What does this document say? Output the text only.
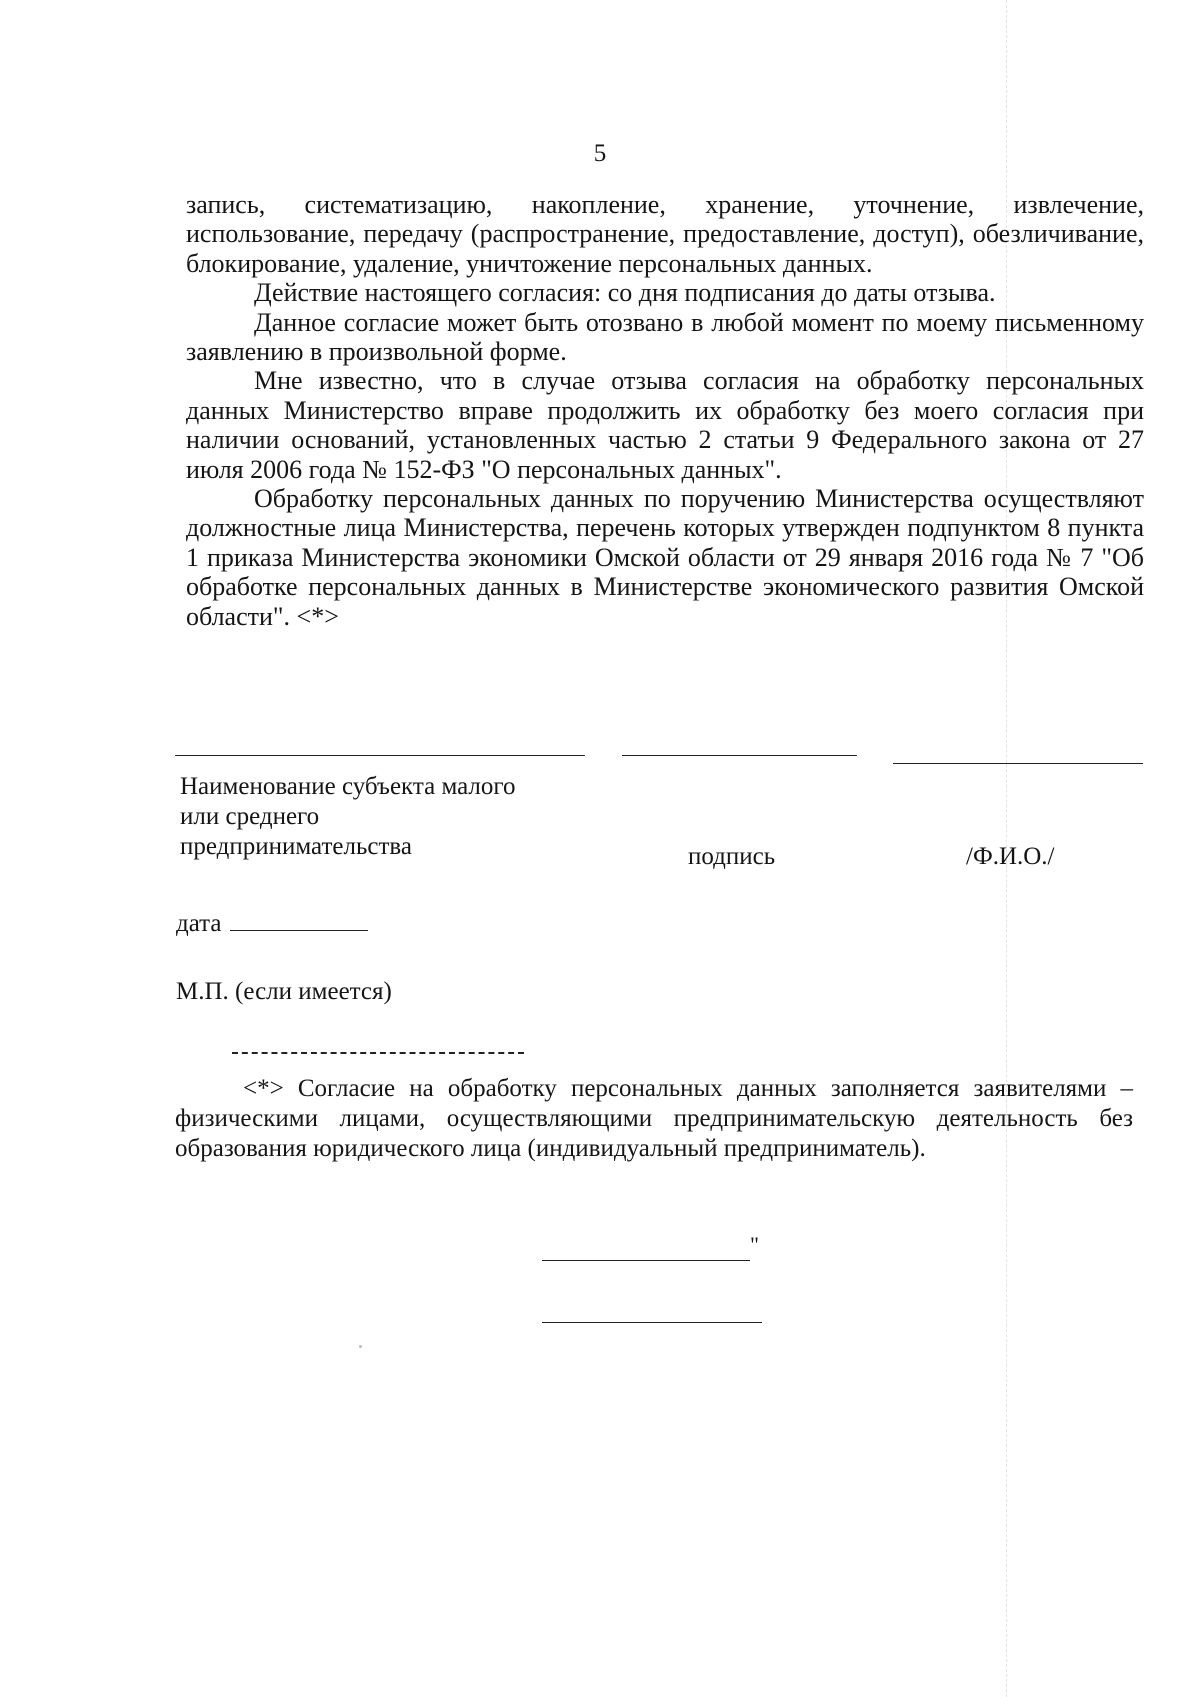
5

запись, систематизацию, накопление, хранение, уточнение, извлечение, использование, передачу (распространение, предоставление, доступ), обезличивание, блокирование, удаление, уничтожение персональных данных.

Действие настоящего согласия: со дня подписания до даты отзыва.

Данное согласие может быть отозвано в любой момент по моему письменному заявлению в произвольной форме.

Мне известно, что в случае отзыва согласия на обработку персональных данных Министерство вправе продолжить их обработку без моего согласия при наличии оснований, установленных частью 2 статьи 9 Федерального закона от 27 июля 2006 года № 152-ФЗ "О персональных данных".

Обработку персональных данных по поручению Министерства осуществляют должностные лица Министерства, перечень которых утвержден подпунктом 8 пункта 1 приказа Министерства экономики Омской области от 29 января 2016 года № 7 "Об обработке персональных данных в Министерстве экономического развития Омской области". <*>

Наименование субъекта малого или среднего предпринимательства	подпись	/Ф.И.О./
дата
М.П. (если имеется)

<*> Согласие на обработку персональных данных заполняется заявителями – физическими лицами, осуществляющими предпринимательскую деятельность без образования юридического лица (индивидуальный предприниматель).

"
